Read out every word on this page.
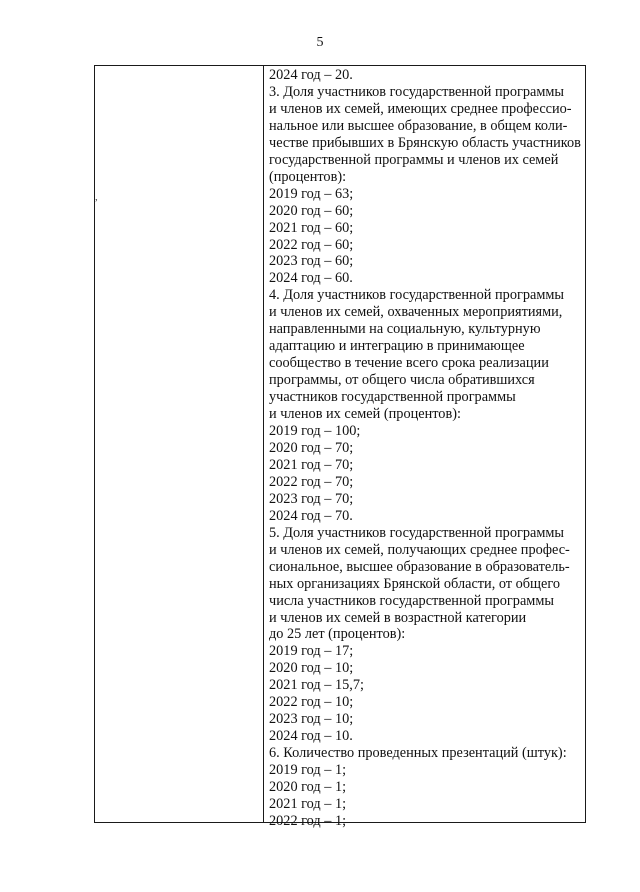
5
,
2024 год – 20.
3. Доля участников государственной программы
и членов их семей, имеющих среднее профессио-
нальное или высшее образование, в общем коли-
честве прибывших в Брянскую область участников
государственной программы и членов их семей
(процентов):
2019 год – 63;
2020 год – 60;
2021 год – 60;
2022 год – 60;
2023 год – 60;
2024 год – 60.
4. Доля участников государственной программы
и членов их семей, охваченных мероприятиями,
направленными на социальную, культурную
адаптацию и интеграцию в принимающее
сообщество в течение всего срока реализации
программы, от общего числа обратившихся
участников государственной программы
и членов их семей (процентов):
2019 год – 100;
2020 год – 70;
2021 год – 70;
2022 год – 70;
2023 год – 70;
2024 год – 70.
5. Доля участников государственной программы
и членов их семей, получающих среднее профес-
сиональное, высшее образование в образователь-
ных организациях Брянской области, от общего
числа участников государственной программы
и членов их семей в возрастной категории
до 25 лет (процентов):
2019 год – 17;
2020 год – 10;
2021 год – 15,7;
2022 год – 10;
2023 год – 10;
2024 год – 10.
6. Количество проведенных презентаций (штук):
2019 год – 1;
2020 год – 1;
2021 год – 1;
2022 год – 1;
